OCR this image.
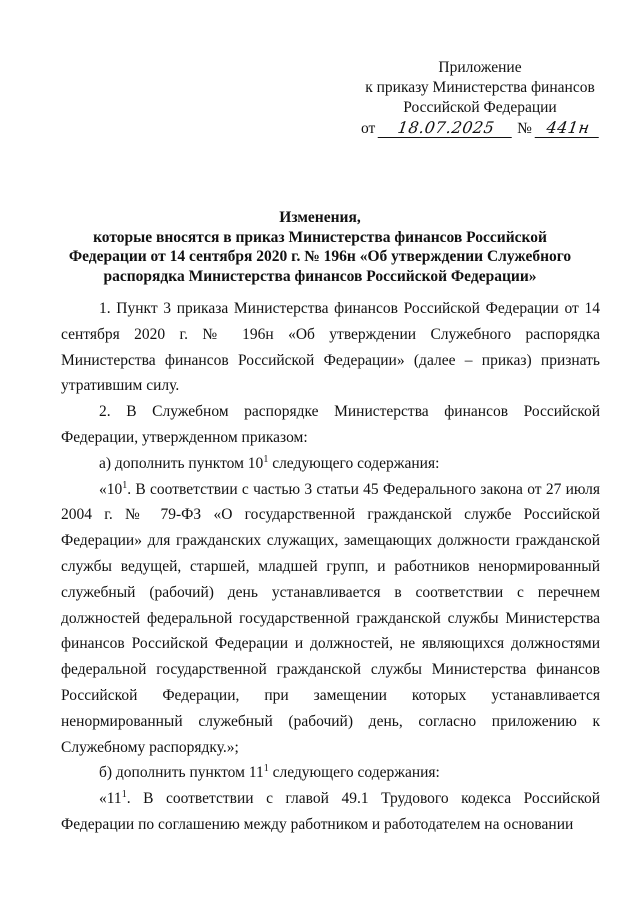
Приложение
к приказу Министерства финансов
Российской Федерации
от 18.07.2025 № 441н
Изменения,
которые вносятся в приказ Министерства финансов Российской
Федерации от 14 сентября 2020 г. № 196н «Об утверждении Служебного
распорядка Министерства финансов Российской Федерации»

1. Пункт 3 приказа Министерства финансов Российской Федерации от 14 сентября 2020 г. № 196н «Об утверждении Служебного распорядка Министерства финансов Российской Федерации» (далее – приказ) признать утратившим силу.

2. В Служебном распорядке Министерства финансов Российской Федерации, утвержденном приказом:

а) дополнить пунктом $10^1$ следующего содержания:

«$10^1$. В соответствии с частью 3 статьи 45 Федерального закона от 27 июля 2004 г. № 79-ФЗ «О государственной гражданской службе Российской Федерации» для гражданских служащих, замещающих должности гражданской службы ведущей, старшей, младшей групп, и работников ненормированный служебный (рабочий) день устанавливается в соответствии с перечнем должностей федеральной государственной гражданской службы Министерства финансов Российской Федерации и должностей, не являющихся должностями федеральной государственной гражданской службы Министерства финансов Российской Федерации, при замещении которых устанавливается ненормированный служебный (рабочий) день, согласно приложению к Служебному распорядку.»;

б) дополнить пунктом $11^1$ следующего содержания:

«$11^1$. В соответствии с главой 49.1 Трудового кодекса Российской Федерации по соглашению между работником и работодателем на основании
